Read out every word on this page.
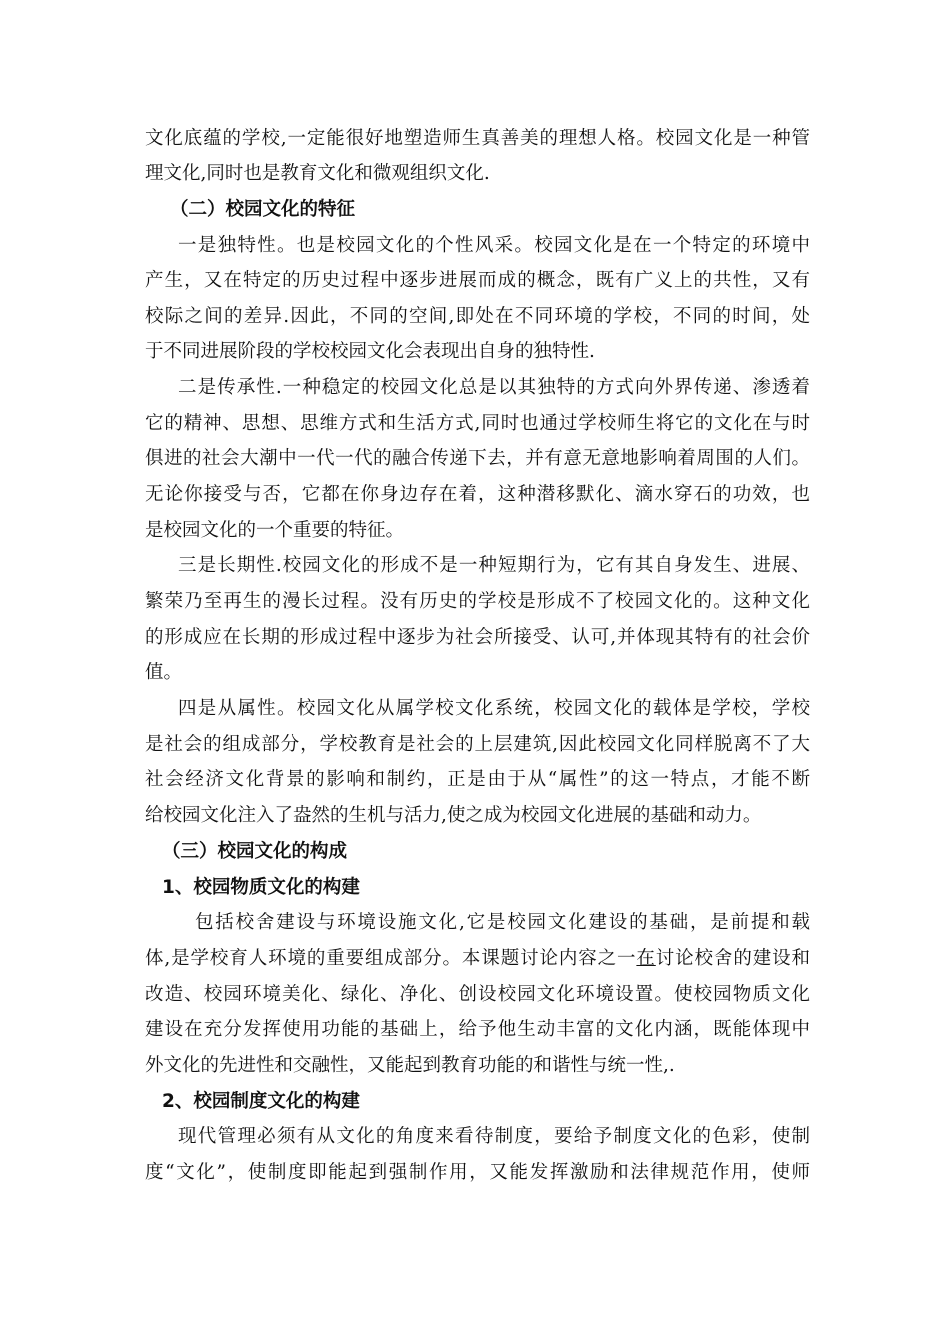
文化底蕴的学校,一定能很好地塑造师生真善美的理想人格。校园文化是一种管
理文化,同时也是教育文化和微观组织文化.
（二）校园文化的特征
一是独特性。也是校园文化的个性风采。校园文化是在一个特定的环境中
产生，又在特定的历史过程中逐步进展而成的概念，既有广义上的共性，又有
校际之间的差异.因此，不同的空间,即处在不同环境的学校，不同的时间，处
于不同进展阶段的学校校园文化会表现出自身的独特性.
二是传承性.一种稳定的校园文化总是以其独特的方式向外界传递、渗透着
它的精神、思想、思维方式和生活方式,同时也通过学校师生将它的文化在与时
俱进的社会大潮中一代一代的融合传递下去，并有意无意地影响着周围的人们。
无论你接受与否，它都在你身边存在着，这种潜移默化、滴水穿石的功效，也
是校园文化的一个重要的特征。
三是长期性.校园文化的形成不是一种短期行为，它有其自身发生、进展、
繁荣乃至再生的漫长过程。没有历史的学校是形成不了校园文化的。这种文化
的形成应在长期的形成过程中逐步为社会所接受、认可,并体现其特有的社会价
值。
四是从属性。校园文化从属学校文化系统，校园文化的载体是学校，学校
是社会的组成部分，学校教育是社会的上层建筑,因此校园文化同样脱离不了大
社会经济文化背景的影响和制约，正是由于从“属性”的这一特点，才能不断
给校园文化注入了盎然的生机与活力,使之成为校园文化进展的基础和动力。
（三）校园文化的构成
1、校园物质文化的构建
包括校舍建设与环境设施文化,它是校园文化建设的基础，是前提和载
体,是学校育人环境的重要组成部分。本课题讨论内容之一在讨论校舍的建设和
改造、校园环境美化、绿化、净化、创设校园文化环境设置。使校园物质文化
建设在充分发挥使用功能的基础上，给予他生动丰富的文化内涵，既能体现中
外文化的先进性和交融性，又能起到教育功能的和谐性与统一性,.
2、校园制度文化的构建
现代管理必须有从文化的角度来看待制度，要给予制度文化的色彩，使制
度“文化”，使制度即能起到强制作用，又能发挥激励和法律规范作用，使师
